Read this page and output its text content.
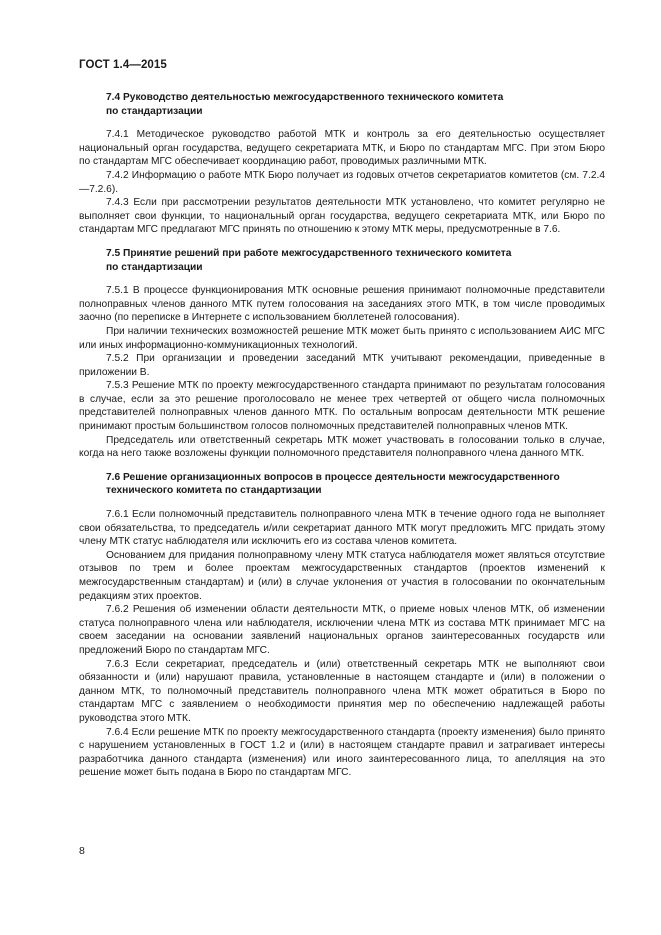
ГОСТ 1.4—2015
7.4 Руководство деятельностью межгосударственного технического комитета
по стандартизации

7.4.1 Методическое руководство работой МТК и контроль за его деятельностью осуществляет национальный орган государства, ведущего секретариата МТК, и Бюро по стандартам МГС. При этом Бюро по стандартам МГС обеспечивает координацию работ, проводимых различными МТК.

7.4.2 Информацию о работе МТК Бюро получает из годовых отчетов секретариатов комитетов (см. 7.2.4—7.2.6).

7.4.3 Если при рассмотрении результатов деятельности МТК установлено, что комитет регулярно не выполняет свои функции, то национальный орган государства, ведущего секретариата МТК, или Бюро по стандартам МГС предлагают МГС принять по отношению к этому МТК меры, предусмотренные в 7.6.

7.5 Принятие решений при работе межгосударственного технического комитета
по стандартизации

7.5.1 В процессе функционирования МТК основные решения принимают полномочные представители полноправных членов данного МТК путем голосования на заседаниях этого МТК, в том числе проводимых заочно (по переписке в Интернете с использованием бюллетеней голосования).

При наличии технических возможностей решение МТК может быть принято с использованием АИС МГС или иных информационно-коммуникационных технологий.

7.5.2 При организации и проведении заседаний МТК учитывают рекомендации, приведенные в приложении В.

7.5.3 Решение МТК по проекту межгосударственного стандарта принимают по результатам голосования в случае, если за это решение проголосовало не менее трех четвертей от общего числа полномочных представителей полноправных членов данного МТК. По остальным вопросам деятельности МТК решение принимают простым большинством голосов полномочных представителей полноправных членов МТК.

Председатель или ответственный секретарь МТК может участвовать в голосовании только в случае, когда на него также возложены функции полномочного представителя полноправного члена данного МТК.

7.6 Решение организационных вопросов в процессе деятельности межгосударственного
технического комитета по стандартизации

7.6.1 Если полномочный представитель полноправного члена МТК в течение одного года не выполняет свои обязательства, то председатель и/или секретариат данного МТК могут предложить МГС придать этому члену МТК статус наблюдателя или исключить его из состава членов комитета.

Основанием для придания полноправному члену МТК статуса наблюдателя может являться отсутствие отзывов по трем и более проектам межгосударственных стандартов (проектов изменений к межгосударственным стандартам) и (или) в случае уклонения от участия в голосовании по окончательным редакциям этих проектов.

7.6.2 Решения об изменении области деятельности МТК, о приеме новых членов МТК, об изменении статуса полноправного члена или наблюдателя, исключении члена МТК из состава МТК принимает МГС на своем заседании на основании заявлений национальных органов заинтересованных государств или предложений Бюро по стандартам МГС.

7.6.3 Если секретариат, председатель и (или) ответственный секретарь МТК не выполняют свои обязанности и (или) нарушают правила, установленные в настоящем стандарте и (или) в положении о данном МТК, то полномочный представитель полноправного члена МТК может обратиться в Бюро по стандартам МГС с заявлением о необходимости принятия мер по обеспечению надлежащей работы руководства этого МТК.

7.6.4 Если решение МТК по проекту межгосударственного стандарта (проекту изменения) было принято с нарушением установленных в ГОСТ 1.2 и (или) в настоящем стандарте правил и затрагивает интересы разработчика данного стандарта (изменения) или иного заинтересованного лица, то апелляция на это решение может быть подана в Бюро по стандартам МГС.

8
